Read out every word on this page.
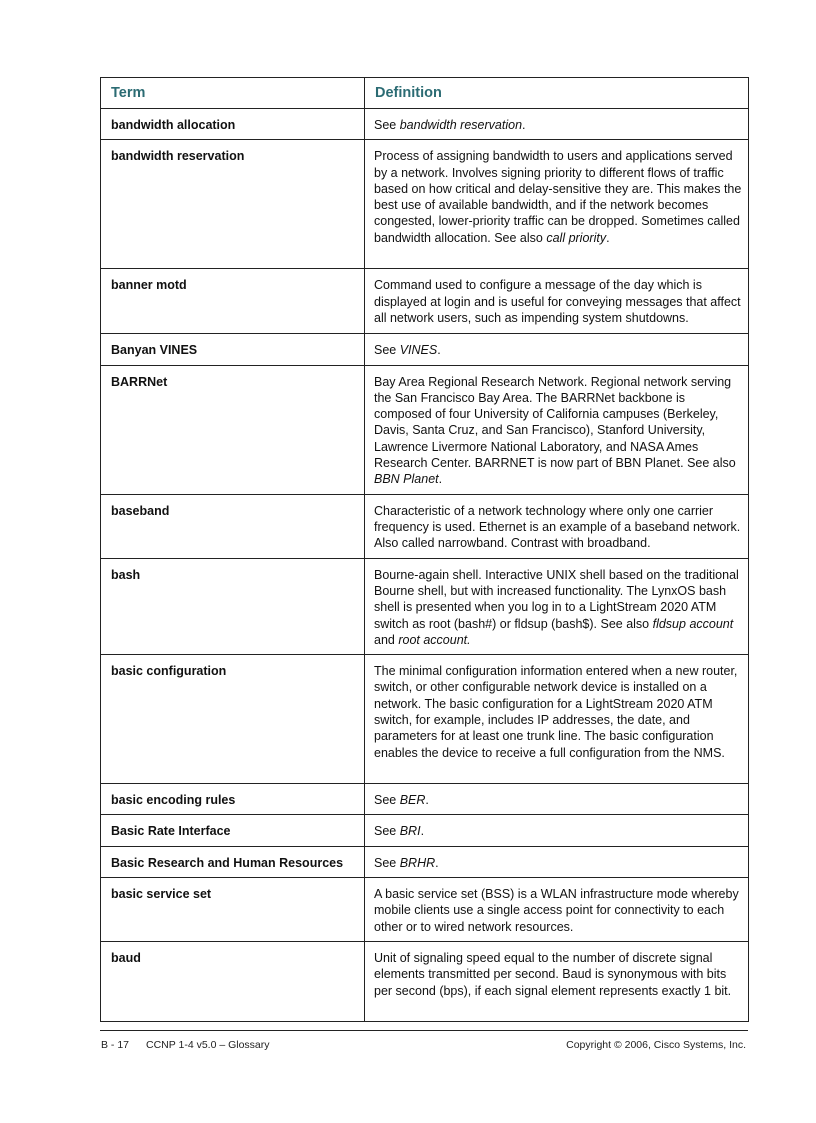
Term	Definition
bandwidth allocation	See bandwidth reservation.
bandwidth reservation	Process of assigning bandwidth to users and applications served by a network. Involves signing priority to different flows of traffic based on how critical and delay-sensitive they are. This makes the best use of available bandwidth, and if the network becomes congested, lower-priority traffic can be dropped. Sometimes called bandwidth allocation. See also call priority.
banner motd	Command used to configure a message of the day which is displayed at login and is useful for conveying messages that affect all network users, such as impending system shutdowns.
Banyan VINES	See VINES.
BARRNet	Bay Area Regional Research Network. Regional network serving the San Francisco Bay Area. The BARRNet backbone is composed of four University of California campuses (Berkeley, Davis, Santa Cruz, and San Francisco), Stanford University, Lawrence Livermore National Laboratory, and NASA Ames Research Center. BARRNET is now part of BBN Planet. See also BBN Planet.
baseband	Characteristic of a network technology where only one carrier frequency is used. Ethernet is an example of a baseband network. Also called narrowband. Contrast with broadband.
bash	Bourne-again shell. Interactive UNIX shell based on the traditional Bourne shell, but with increased functionality. The LynxOS bash shell is presented when you log in to a LightStream 2020 ATM switch as root (bash#) or fldsup (bash$). See also fldsup account and root account.
basic configuration	The minimal configuration information entered when a new router, switch, or other configurable network device is installed on a network. The basic configuration for a LightStream 2020 ATM switch, for example, includes IP addresses, the date, and parameters for at least one trunk line. The basic configuration enables the device to receive a full configuration from the NMS.
basic encoding rules	See BER.
Basic Rate Interface	See BRI.
Basic Research and Human Resources	See BRHR.
basic service set	A basic service set (BSS) is a WLAN infrastructure mode whereby mobile clients use a single access point for connectivity to each other or to wired network resources.
baud	Unit of signaling speed equal to the number of discrete signal elements transmitted per second. Baud is synonymous with bits per second (bps), if each signal element represents exactly 1 bit.
B - 17 CCNP 1-4 v5.0 – Glossary	Copyright © 2006, Cisco Systems, Inc.
